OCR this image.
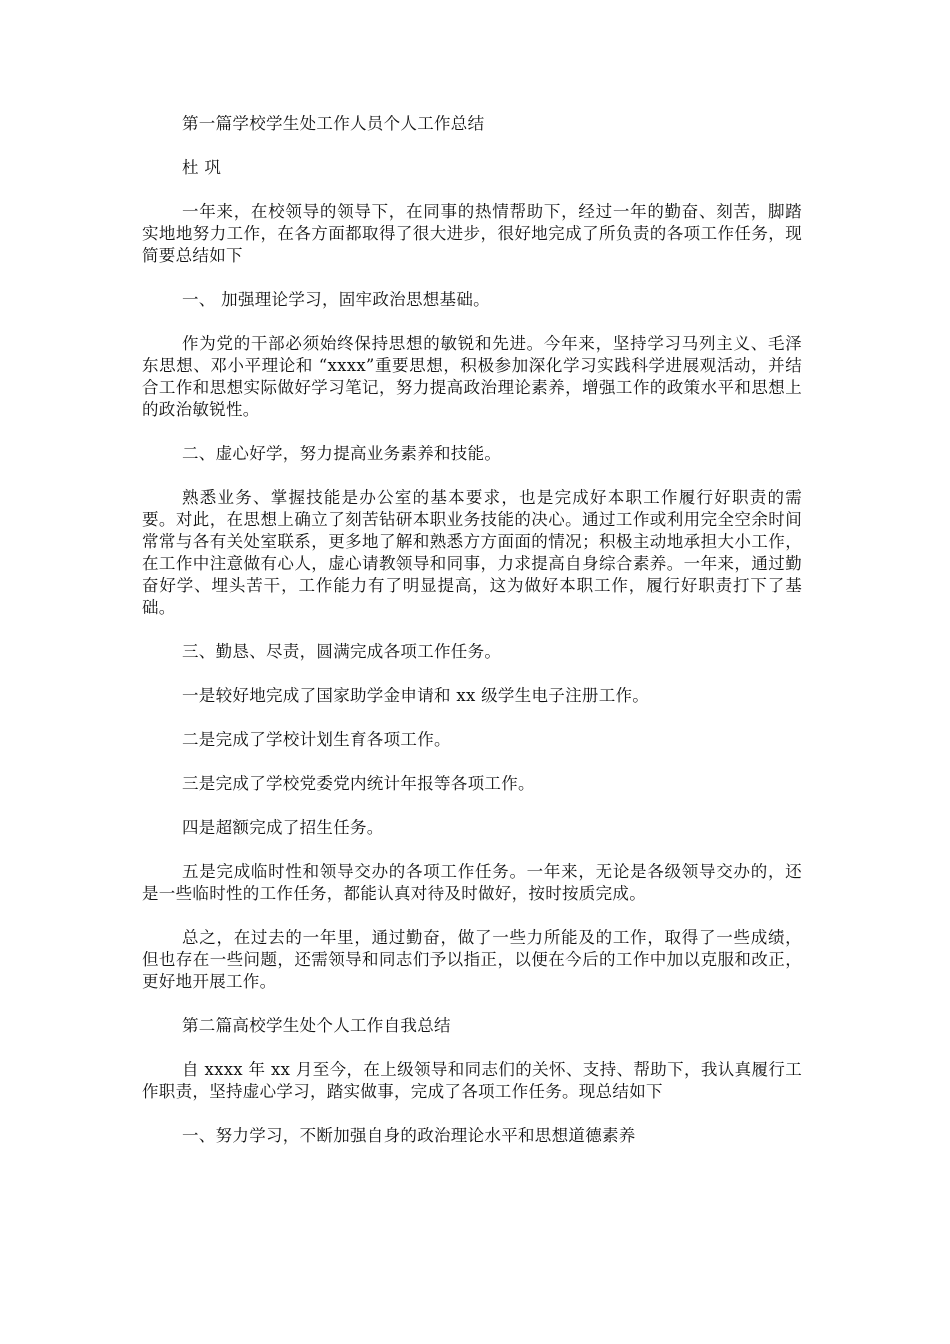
第一篇学校学生处工作人员个人工作总结

杜 巩

一年来，在校领导的领导下，在同事的热情帮助下，经过一年的勤奋、刻苦，脚踏实地地努力工作，在各方面都取得了很大进步，很好地完成了所负责的各项工作任务，现简要总结如下

一、 加强理论学习，固牢政治思想基础。

作为党的干部必须始终保持思想的敏锐和先进。今年来，坚持学习马列主义、毛泽东思想、邓小平理论和 “xxxx”重要思想，积极参加深化学习实践科学进展观活动，并结合工作和思想实际做好学习笔记，努力提高政治理论素养，增强工作的政策水平和思想上的政治敏锐性。

二、虚心好学，努力提高业务素养和技能。

熟悉业务、掌握技能是办公室的基本要求，也是完成好本职工作履行好职责的需要。对此，在思想上确立了刻苦钻研本职业务技能的决心。通过工作或利用完全空余时间常常与各有关处室联系，更多地了解和熟悉方方面面的情况；积极主动地承担大小工作，在工作中注意做有心人，虚心请教领导和同事，力求提高自身综合素养。一年来，通过勤奋好学、埋头苦干，工作能力有了明显提高，这为做好本职工作，履行好职责打下了基础。

三、勤恳、尽责，圆满完成各项工作任务。

一是较好地完成了国家助学金申请和 xx 级学生电子注册工作。

二是完成了学校计划生育各项工作。

三是完成了学校党委党内统计年报等各项工作。

四是超额完成了招生任务。

五是完成临时性和领导交办的各项工作任务。一年来，无论是各级领导交办的，还是一些临时性的工作任务，都能认真对待及时做好，按时按质完成。

总之，在过去的一年里，通过勤奋，做了一些力所能及的工作，取得了一些成绩，但也存在一些问题，还需领导和同志们予以指正，以便在今后的工作中加以克服和改正，更好地开展工作。

第二篇高校学生处个人工作自我总结

自 xxxx 年 xx 月至今，在上级领导和同志们的关怀、支持、帮助下，我认真履行工作职责，坚持虚心学习，踏实做事，完成了各项工作任务。现总结如下

一、努力学习，不断加强自身的政治理论水平和思想道德素养
